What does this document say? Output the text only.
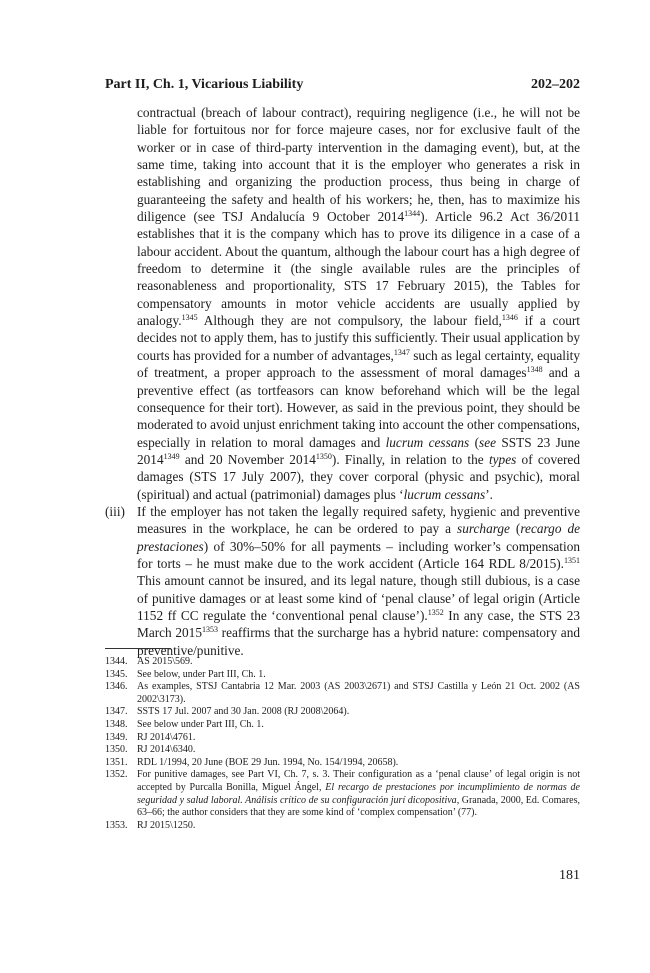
Part II, Ch. 1, Vicarious Liability	202–202

contractual (breach of labour contract), requiring negligence (i.e., he will not be liable for fortuitous nor for force majeure cases, nor for exclusive fault of the worker or in case of third-party intervention in the damaging event), but, at the same time, taking into account that it is the employer who generates a risk in establishing and organizing the production process, thus being in charge of guaranteeing the safety and health of his workers; he, then, has to maximize his diligence (see TSJ Andalucía 9 October $2014^{1344}$). Article 96.2 Act 36/2011 establishes that it is the company which has to prove its diligence in a case of a labour accident. About the quantum, although the labour court has a high degree of freedom to determine it (the single available rules are the principles of reasonableness and proportionality, STS 17 February 2015), the Tables for compensatory amounts in motor vehicle accidents are usually applied by analogy.$^{1345}$ Although they are not compulsory, the labour field,$^{1346}$ if a court decides not to apply them, has to justify this sufficiently. Their usual application by courts has provided for a number of advantages,$^{1347}$ such as legal certainty, equality of treatment, a proper approach to the assessment of moral damages$^{1348}$ and a preventive effect (as tortfeasors can know beforehand which will be the legal consequence for their tort). However, as said in the previous point, they should be moderated to avoid unjust enrichment taking into account the other compensations, especially in relation to moral damages and lucrum cessans (see SSTS 23 June $2014^{1349}$ and 20 November $2014^{1350}$). Finally, in relation to the types of covered damages (STS 17 July 2007), they cover corporal (physic and psychic), moral (spiritual) and actual (patrimonial) damages plus ‘lucrum cessans’.

(iii) If the employer has not taken the legally required safety, hygienic and preventive measures in the workplace, he can be ordered to pay a surcharge (recargo de prestaciones) of 30%–50% for all payments – including worker’s compensation for torts – he must make due to the work accident (Article 164 RDL 8/2015).$^{1351}$ This amount cannot be insured, and its legal nature, though still dubious, is a case of punitive damages or at least some kind of ‘penal clause’ of legal origin (Article 1152 ff CC regulate the ‘conventional penal clause’).$^{1352}$ In any case, the STS 23 March $2015^{1353}$ reaffirms that the surcharge has a hybrid nature: compensatory and preventive/punitive.

1344. AS 2015\569.

1345. See below, under Part III, Ch. 1.

1346. As examples, STSJ Cantabria 12 Mar. 2003 (AS 2003\2671) and STSJ Castilla y León 21 Oct. 2002 (AS 2002\3173).

1347. SSTS 17 Jul. 2007 and 30 Jan. 2008 (RJ 2008\2064).

1348. See below under Part III, Ch. 1.

1349. RJ 2014\4761.

1350. RJ 2014\6340.

1351. RDL 1/1994, 20 June (BOE 29 Jun. 1994, No. 154/1994, 20658).

1352. For punitive damages, see Part VI, Ch. 7, s. 3. Their configuration as a ‘penal clause’ of legal origin is not accepted by Purcalla Bonilla, Miguel Ángel, El recargo de prestaciones por incumplimiento de normas de seguridad y salud laboral. Análisis crítico de su configuración jurí dicopositiva, Granada, 2000, Ed. Comares, 63–66; the author considers that they are some kind of ‘complex compensation’ (77).

1353. RJ 2015\1250.

181
